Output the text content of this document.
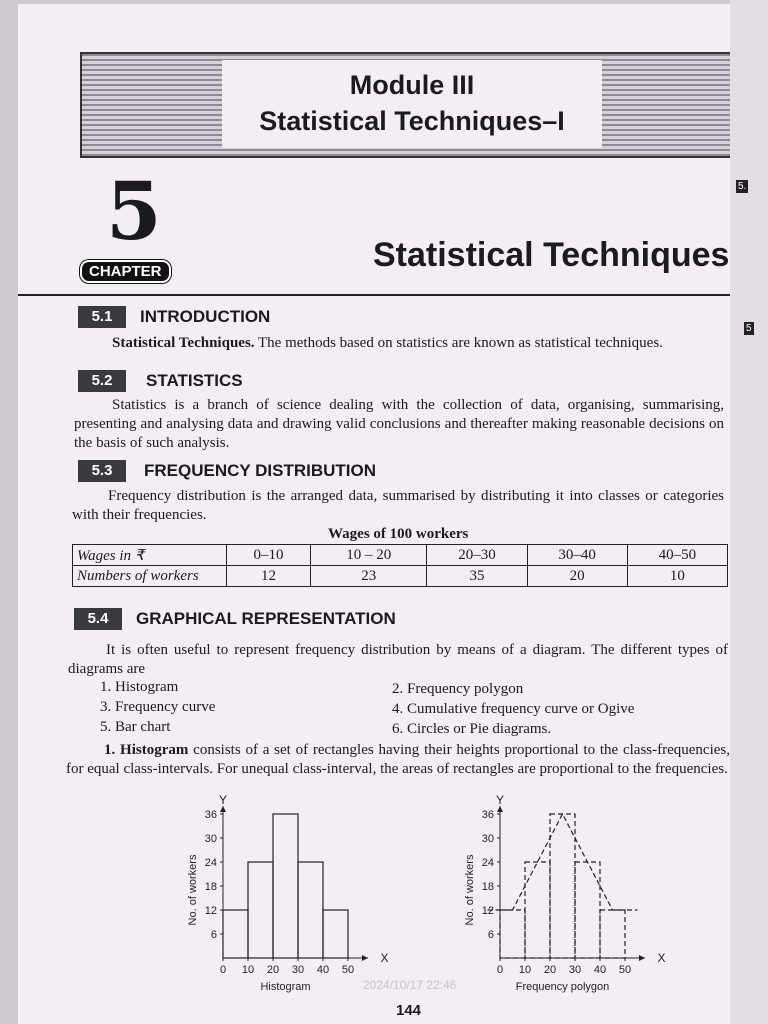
Module III
Statistical Techniques–I
5
CHAPTER	Statistical Techniques
5.1	INTRODUCTION
Statistical Techniques. The methods based on statistics are known as statistical techniques.
5.2	STATISTICS
Statistics is a branch of science dealing with the collection of data, organising, summarising, presenting and analysing data and drawing valid conclusions and thereafter making reasonable decisions on the basis of such analysis.
5.3	FREQUENCY DISTRIBUTION
Frequency distribution is the arranged data, summarised by distributing it into classes or categories with their frequencies.
Wages of 100 workers
Wages in ₹	0–10	10 – 20	20–30	30–40	40–50
Numbers of workers	12	23	35	20	10
5.4	GRAPHICAL REPRESENTATION
It is often useful to represent frequency distribution by means of a diagram. The different types of diagrams are
1. Histogram	2. Frequency polygon
3. Frequency curve	4. Cumulative frequency curve or Ogive
5. Bar chart	6. Circles or Pie diagrams.
1. Histogram consists of a set of rectangles having their heights proportional to the class-frequencies, for equal class-intervals. For unequal class-interval, the areas of rectangles are proportional to the frequencies.
X
Y
0 10 20 30 40 50
6
12
18
24
30
36
No. of workers
Histogram
X
Y
0 10 20 30 40 50
6
12
18
24
30
36
No. of workers
Frequency polygon
2024/10/17 22:46
144
5.
5
